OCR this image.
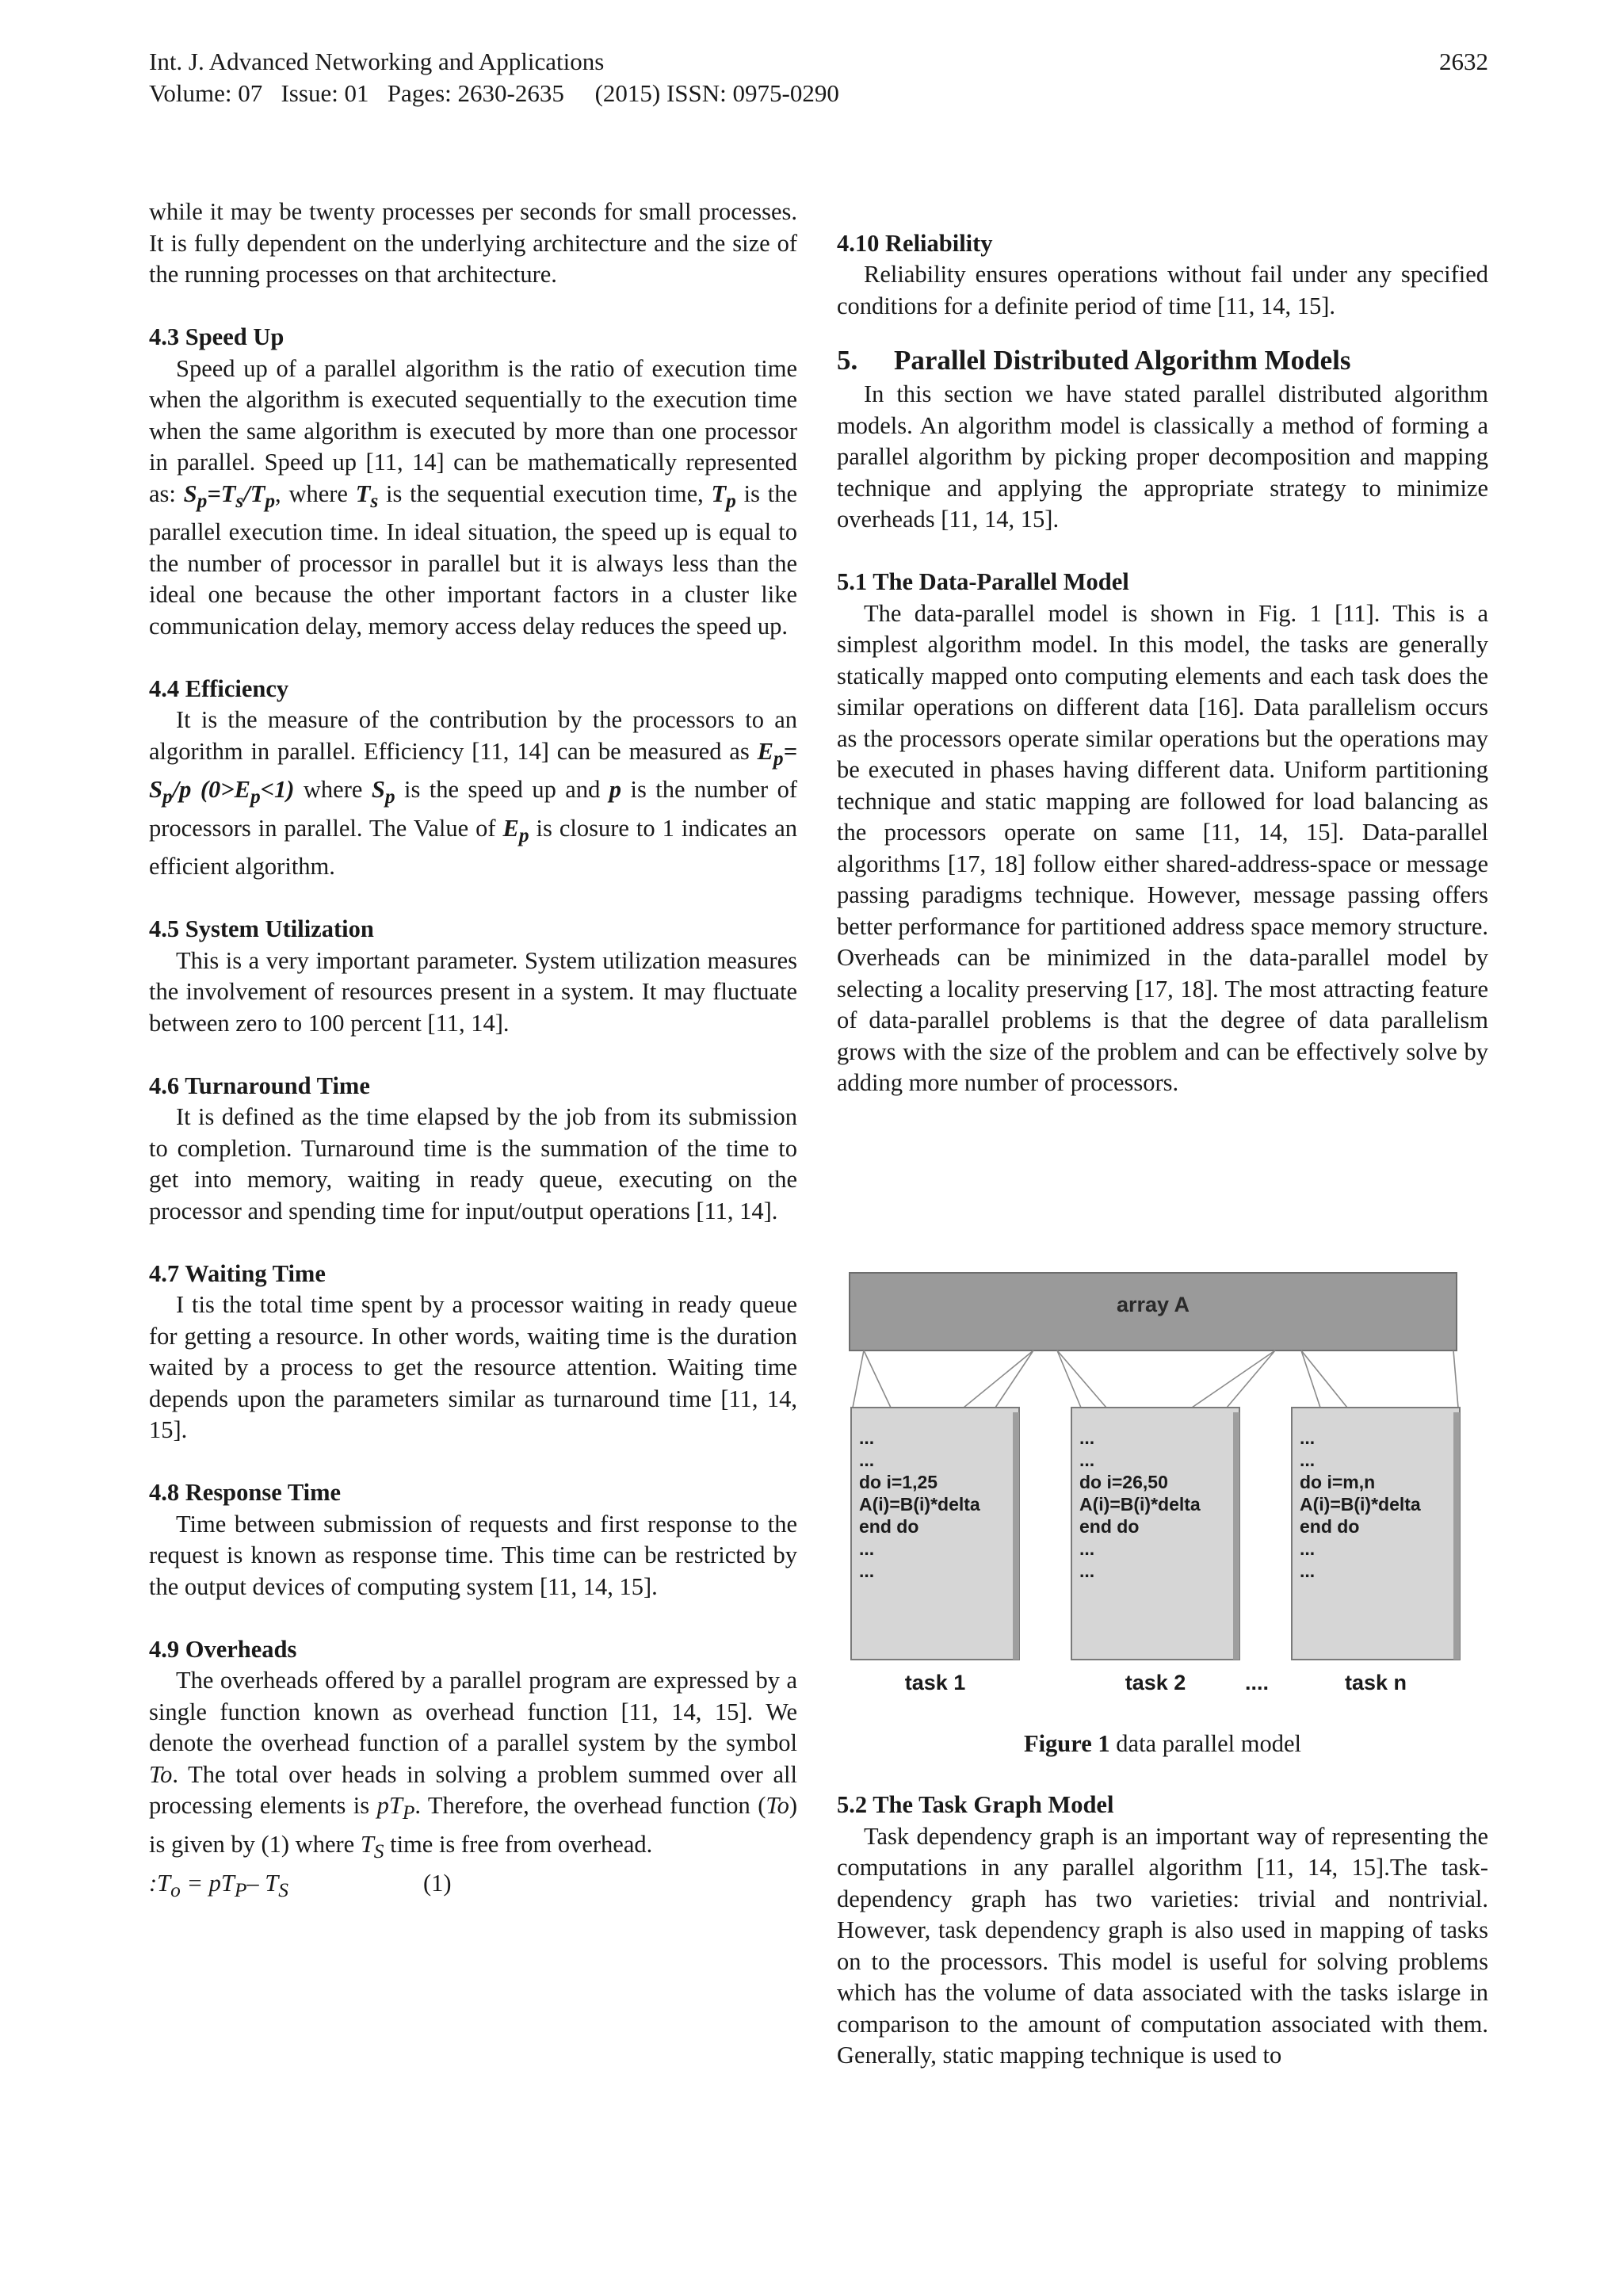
Int. J. Advanced Networking and Applications
Volume: 07   Issue: 01   Pages: 2630-2635     (2015) ISSN: 0975-0290
2632

while it may be twenty processes per seconds for small processes. It is fully dependent on the underlying architecture and the size of the running processes on that architecture.

4.3 Speed Up

Speed up of a parallel algorithm is the ratio of execution time when the algorithm is executed sequentially to the execution time when the same algorithm is executed by more than one processor in parallel. Speed up [11, 14] can be mathematically represented as: $S_p=T_s/T_p$, where $T_s$ is the sequential execution time, $T_p$ is the parallel execution time. In ideal situation, the speed up is equal to the number of processor in parallel but it is always less than the ideal one because the other important factors in a cluster like communication delay, memory access delay reduces the speed up.

4.4 Efficiency

It is the measure of the contribution by the processors to an algorithm in parallel. Efficiency [11, 14] can be measured as $E_p= S_p/p$ $(0>E_p<1)$ where $S_p$ is the speed up and p is the number of processors in parallel. The Value of $E_p$ is closure to 1 indicates an efficient algorithm.

4.5 System Utilization

This is a very important parameter. System utilization measures the involvement of resources present in a system. It may fluctuate between zero to 100 percent [11, 14].

4.6 Turnaround Time

It is defined as the time elapsed by the job from its submission to completion. Turnaround time is the summation of the time to get into memory, waiting in ready queue, executing on the processor and spending time for input/output operations [11, 14].

4.7 Waiting Time

I tis the total time spent by a processor waiting in ready queue for getting a resource. In other words, waiting time is the duration waited by a process to get the resource attention. Waiting time depends upon the parameters similar as turnaround time [11, 14, 15].

4.8 Response Time

Time between submission of requests and first response to the request is known as response time. This time can be restricted by the output devices of computing system [11, 14, 15].

4.9 Overheads

The overheads offered by a parallel program are expressed by a single function known as overhead function [11, 14, 15]. We denote the overhead function of a parallel system by the symbol To. The total over heads in solving a problem summed over all processing elements is $pT_P$. Therefore, the overhead function (To) is given by (1) where $T_S$ time is free from overhead.

$:T_o = pT_P-$ $T_S$	(1)

4.10 Reliability

Reliability ensures operations without fail under any specified conditions for a definite period of time [11, 14, 15].

5. Parallel Distributed Algorithm Models

In this section we have stated parallel distributed algorithm models. An algorithm model is classically a method of forming a parallel algorithm by picking proper decomposition and mapping technique and applying the appropriate strategy to minimize overheads [11, 14, 15].

5.1 The Data-Parallel Model

The data-parallel model is shown in Fig. 1 [11]. This is a simplest algorithm model. In this model, the tasks are generally statically mapped onto computing elements and each task does the similar operations on different data [16]. Data parallelism occurs as the processors operate similar operations but the operations may be executed in phases having different data. Uniform partitioning technique and static mapping are followed for load balancing as the processors operate on same [11, 14, 15]. Data-parallel algorithms [17, 18] follow either shared-address-space or message passing paradigms technique. However, message passing offers better performance for partitioned address space memory structure. Overheads can be minimized in the data-parallel model by selecting a locality preserving [17, 18]. The most attracting feature of data-parallel problems is that the degree of data parallelism grows with the size of the problem and can be effectively solve by adding more number of processors.

array A
...
...
do i=1,25
A(i)=B(i)*delta
end do
...
...
...
...
do i=26,50
A(i)=B(i)*delta
end do
...
...
...
...
do i=m,n
A(i)=B(i)*delta
end do
...
...
task 1	task 2	....	task n
Figure 1 data parallel model
5.2 The Task Graph Model

Task dependency graph is an important way of representing the computations in any parallel algorithm [11, 14, 15].The task-dependency graph has two varieties: trivial and nontrivial. However, task dependency graph is also used in mapping of tasks on to the processors. This model is useful for solving problems which has the volume of data associated with the tasks islarge in comparison to the amount of computation associated with them. Generally, static mapping technique is used to
